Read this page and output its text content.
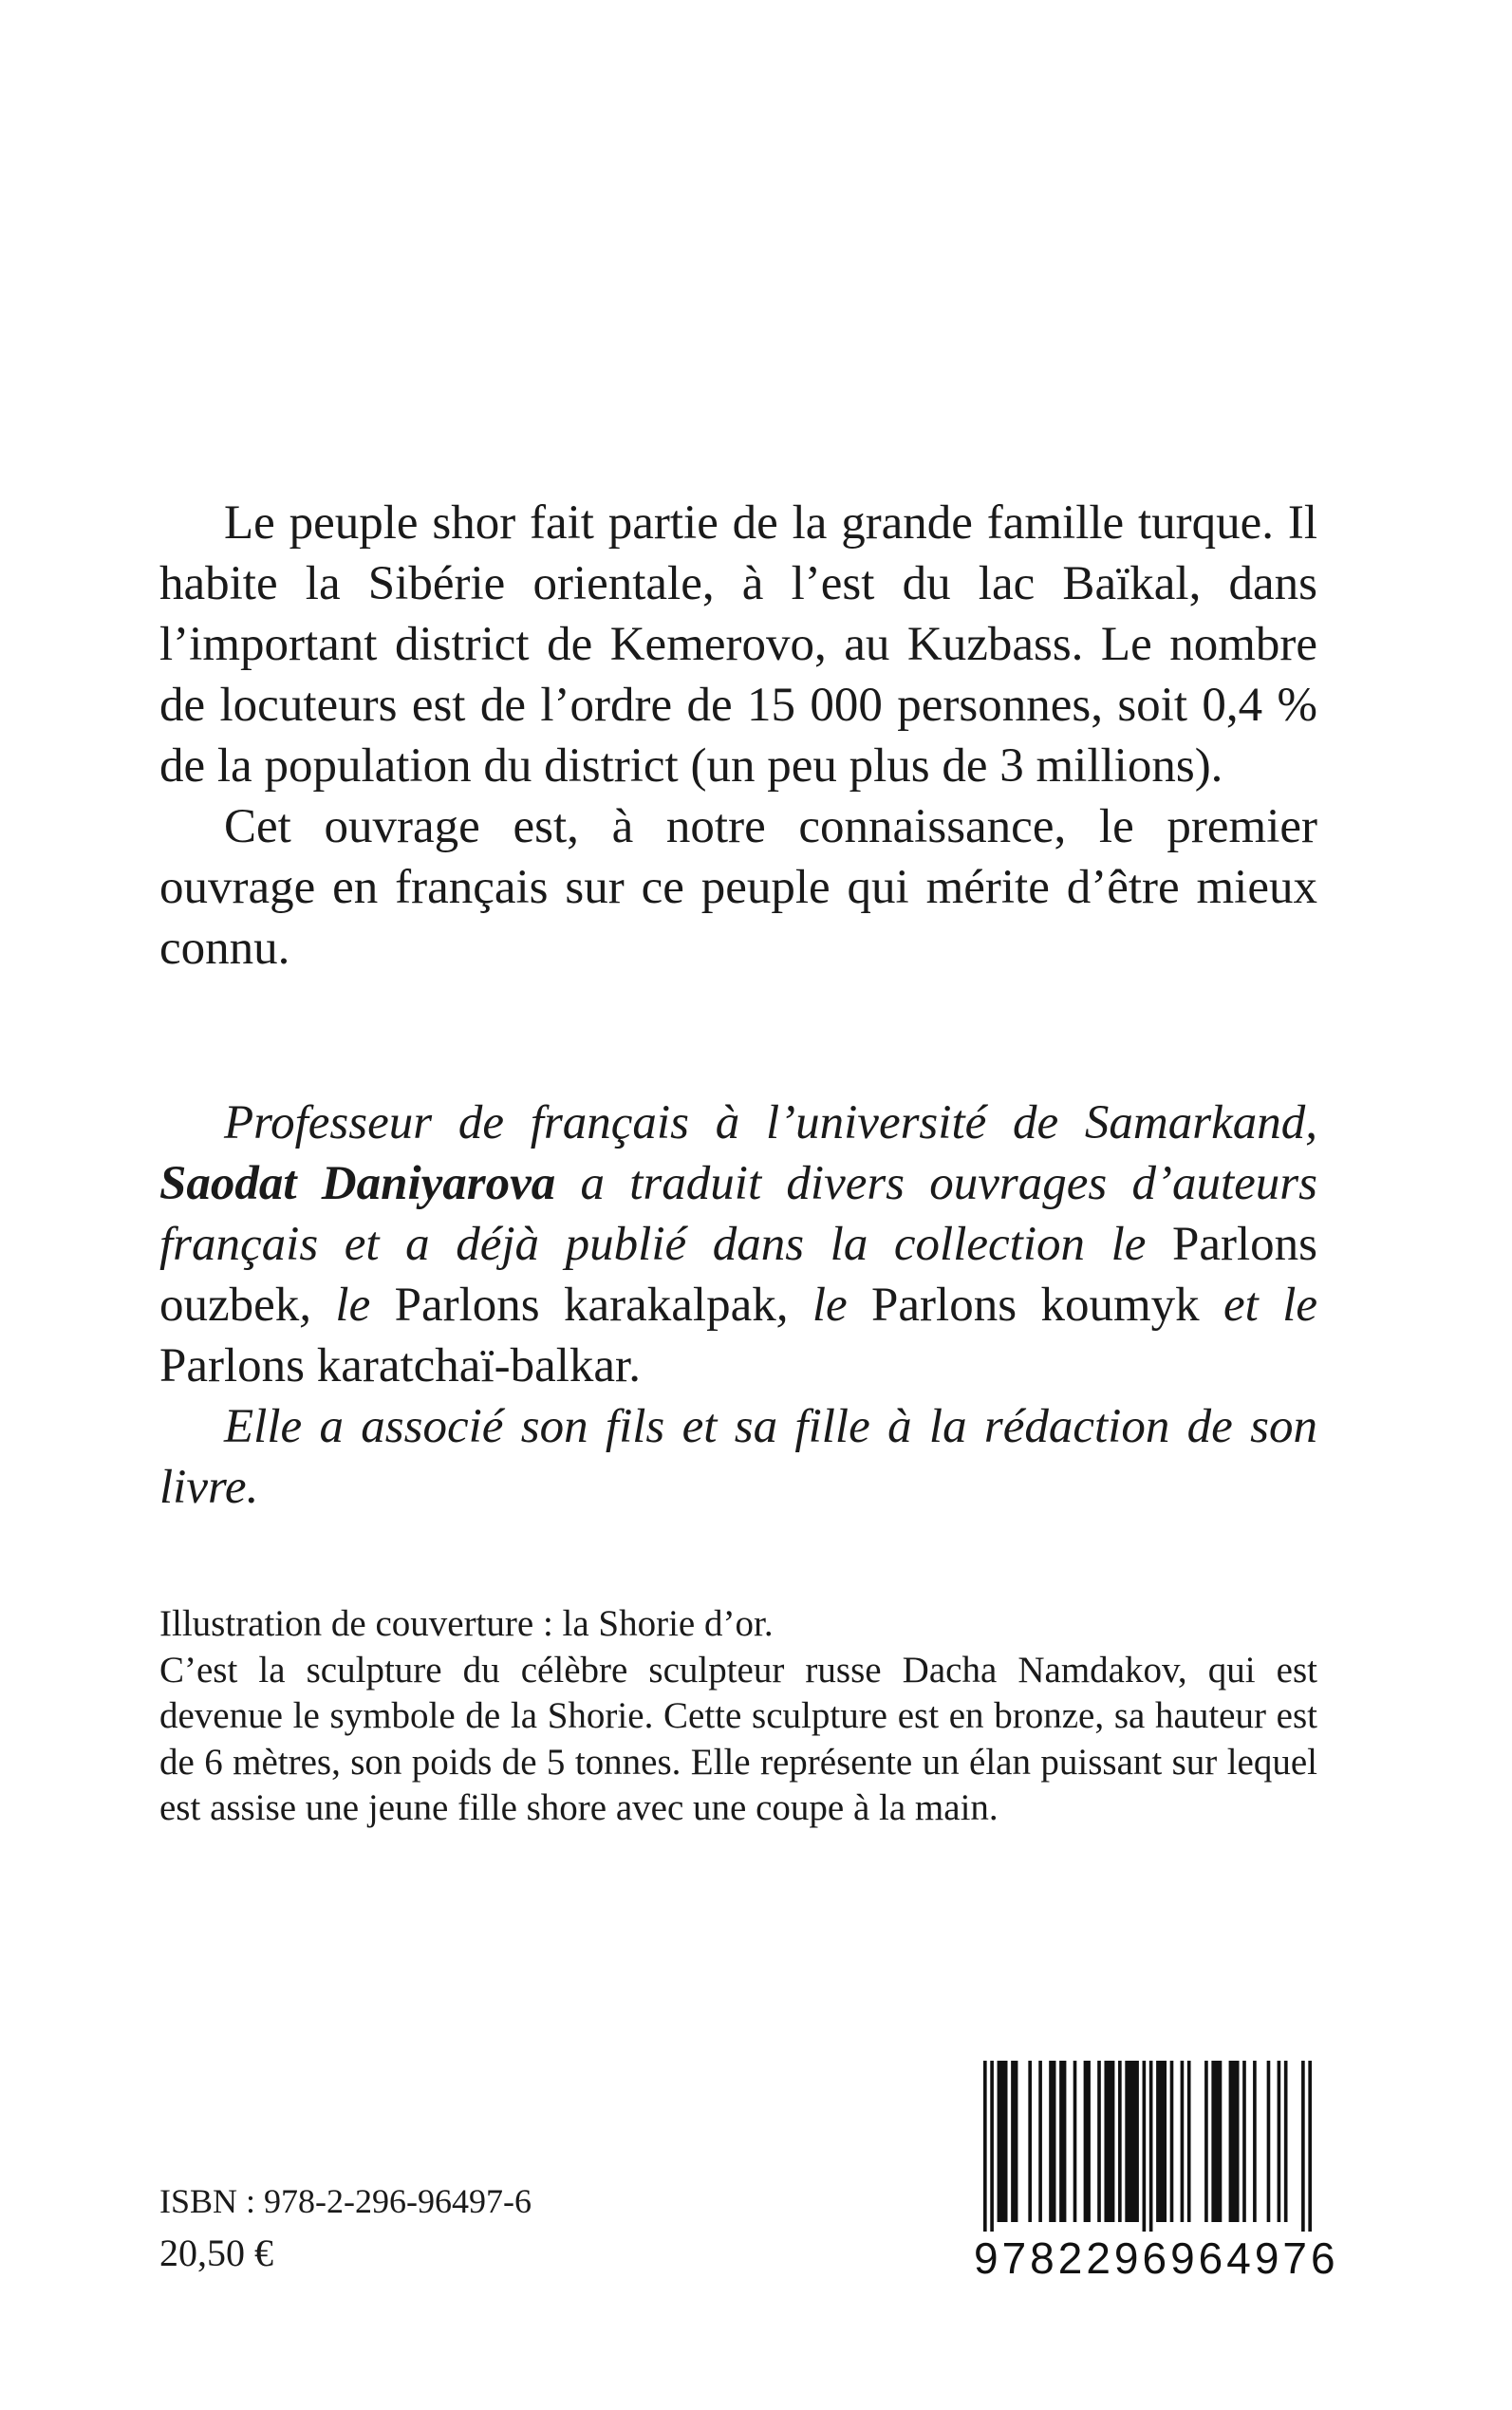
Le peuple shor fait partie de la grande famille turque. Il habite la Sibérie orientale, à l’est du lac Baïkal, dans l’important district de Kemerovo, au Kuzbass. Le nombre de locuteurs est de l’ordre de 15 000 personnes, soit 0,4 % de la population du district (un peu plus de 3 millions).

Cet ouvrage est, à notre connaissance, le premier ouvrage en français sur ce peuple qui mérite d’être mieux connu.

Professeur de français à l’université de Samarkand, Saodat Daniyarova a traduit divers ouvrages d’auteurs français et a déjà publié dans la collection le Parlons ouzbek, le Parlons karakalpak, le Parlons koumyk et le Parlons karatchaï-balkar.

Elle a associé son fils et sa fille à la rédaction de son livre.

Illustration de couverture : la Shorie d’or.

C’est la sculpture du célèbre sculpteur russe Dacha Namdakov, qui est devenue le symbole de la Shorie. Cette sculpture est en bronze, sa hauteur est de 6 mètres, son poids de 5 tonnes. Elle représente un élan puissant sur lequel est assise une jeune fille shore avec une coupe à la main.

ISBN : 978-2-296-96497-6

20,50 €	9782296964976
